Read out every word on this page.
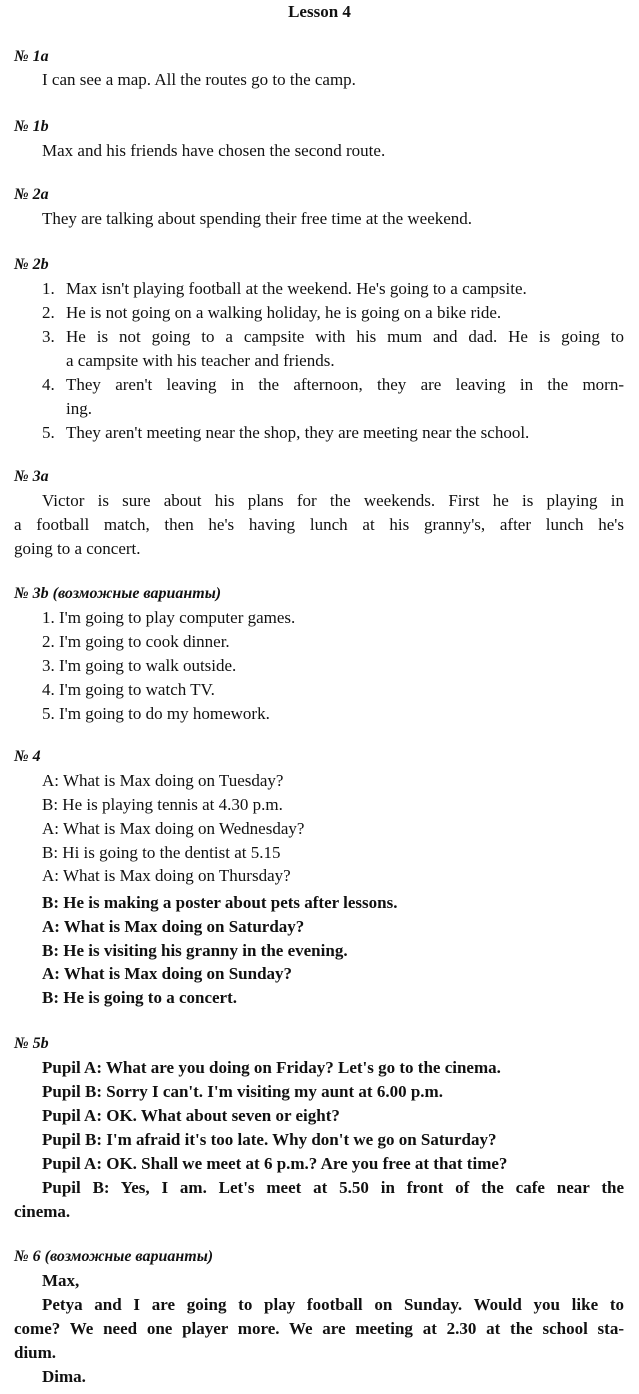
Lesson 4
№ 1a
I can see a map. All the routes go to the camp.
№ 1b
Max and his friends have chosen the second route.
№ 2a
They are talking about spending their free time at the weekend.
№ 2b
1. Max isn't playing football at the weekend. He's going to a campsite.
2. He is not going on a walking holiday, he is going on a bike ride.
3. He is not going to a campsite with his mum and dad. He is going to
a campsite with his teacher and friends.
4. They aren't leaving in the afternoon, they are leaving in the morn-
ing.
5. They aren't meeting near the shop, they are meeting near the school.
№ 3a
Victor is sure about his plans for the weekends. First he is playing in
a football match, then he's having lunch at his granny's, after lunch he's
going to a concert.
№ 3b (возможные варианты)
1. I'm going to play computer games.
2. I'm going to cook dinner.
3. I'm going to walk outside.
4. I'm going to watch TV.
5. I'm going to do my homework.
№ 4
A: What is Max doing on Tuesday?
B: He is playing tennis at 4.30 p.m.
A: What is Max doing on Wednesday?
B: Hi is going to the dentist at 5.15
A: What is Max doing on Thursday?
B: He is making a poster about pets after lessons.
A: What is Max doing on Saturday?
B: He is visiting his granny in the evening.
A: What is Max doing on Sunday?
B: He is going to a concert.
№ 5b
Pupil A: What are you doing on Friday? Let's go to the cinema.
Pupil B: Sorry I can't. I'm visiting my aunt at 6.00 p.m.
Pupil A: OK. What about seven or eight?
Pupil B: I'm afraid it's too late. Why don't we go on Saturday?
Pupil A: OK. Shall we meet at 6 p.m.? Are you free at that time?
Pupil B: Yes, I am. Let's meet at 5.50 in front of the cafe near the
cinema.
№ 6 (возможные варианты)
Max,
Petya and I are going to play football on Sunday. Would you like to
come? We need one player more. We are meeting at 2.30 at the school sta-
dium.
Dima.
